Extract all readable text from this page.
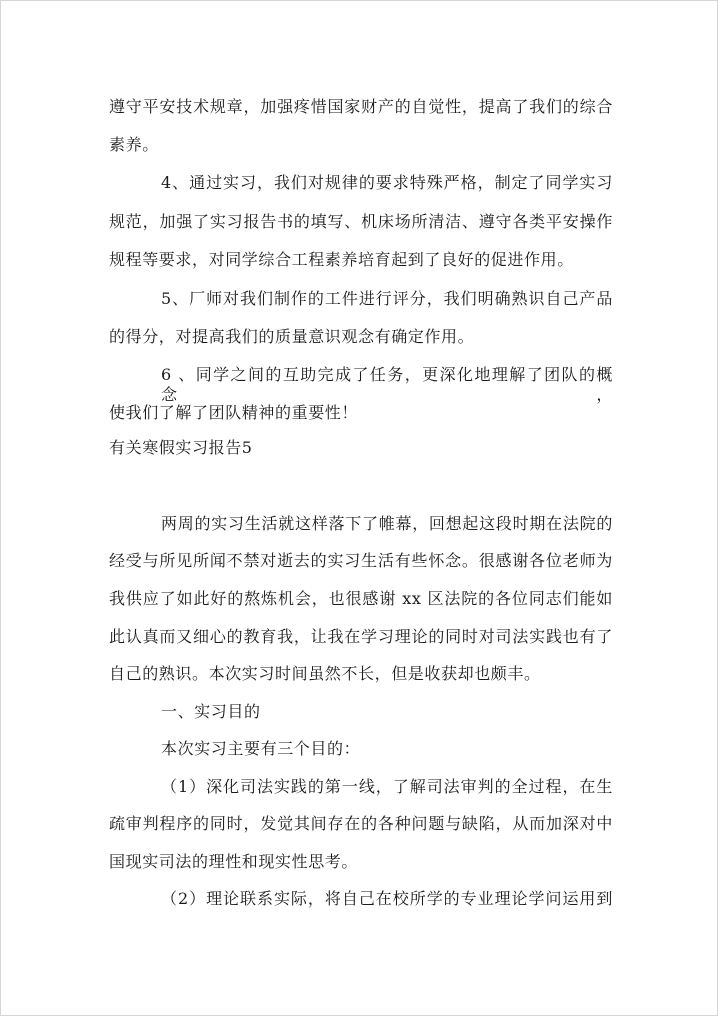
遵守平安技术规章，加强疼惜国家财产的自觉性，提高了我们的综合
素养。
4、通过实习，我们对规律的要求特殊严格，制定了同学实习
规范，加强了实习报告书的填写、机床场所清洁、遵守各类平安操作
规程等要求，对同学综合工程素养培育起到了良好的促进作用。
5、厂师对我们制作的工件进行评分，我们明确熟识自己产品
的得分，对提高我们的质量意识观念有确定作用。
6 、同学之间的互助完成了任务，更深化地理解了团队的概念，
使我们了解了团队精神的重要性！
有关寒假实习报告5
两周的实习生活就这样落下了帷幕，回想起这段时期在法院的
经受与所见所闻不禁对逝去的实习生活有些怀念。很感谢各位老师为
我供应了如此好的熬炼机会，也很感谢 xx 区法院的各位同志们能如
此认真而又细心的教育我，让我在学习理论的同时对司法实践也有了
自己的熟识。本次实习时间虽然不长，但是收获却也颇丰。
一、实习目的
本次实习主要有三个目的：
（1）深化司法实践的第一线，了解司法审判的全过程，在生
疏审判程序的同时，发觉其间存在的各种问题与缺陷，从而加深对中
国现实司法的理性和现实性思考。
（2）理论联系实际，将自己在校所学的专业理论学问运用到
